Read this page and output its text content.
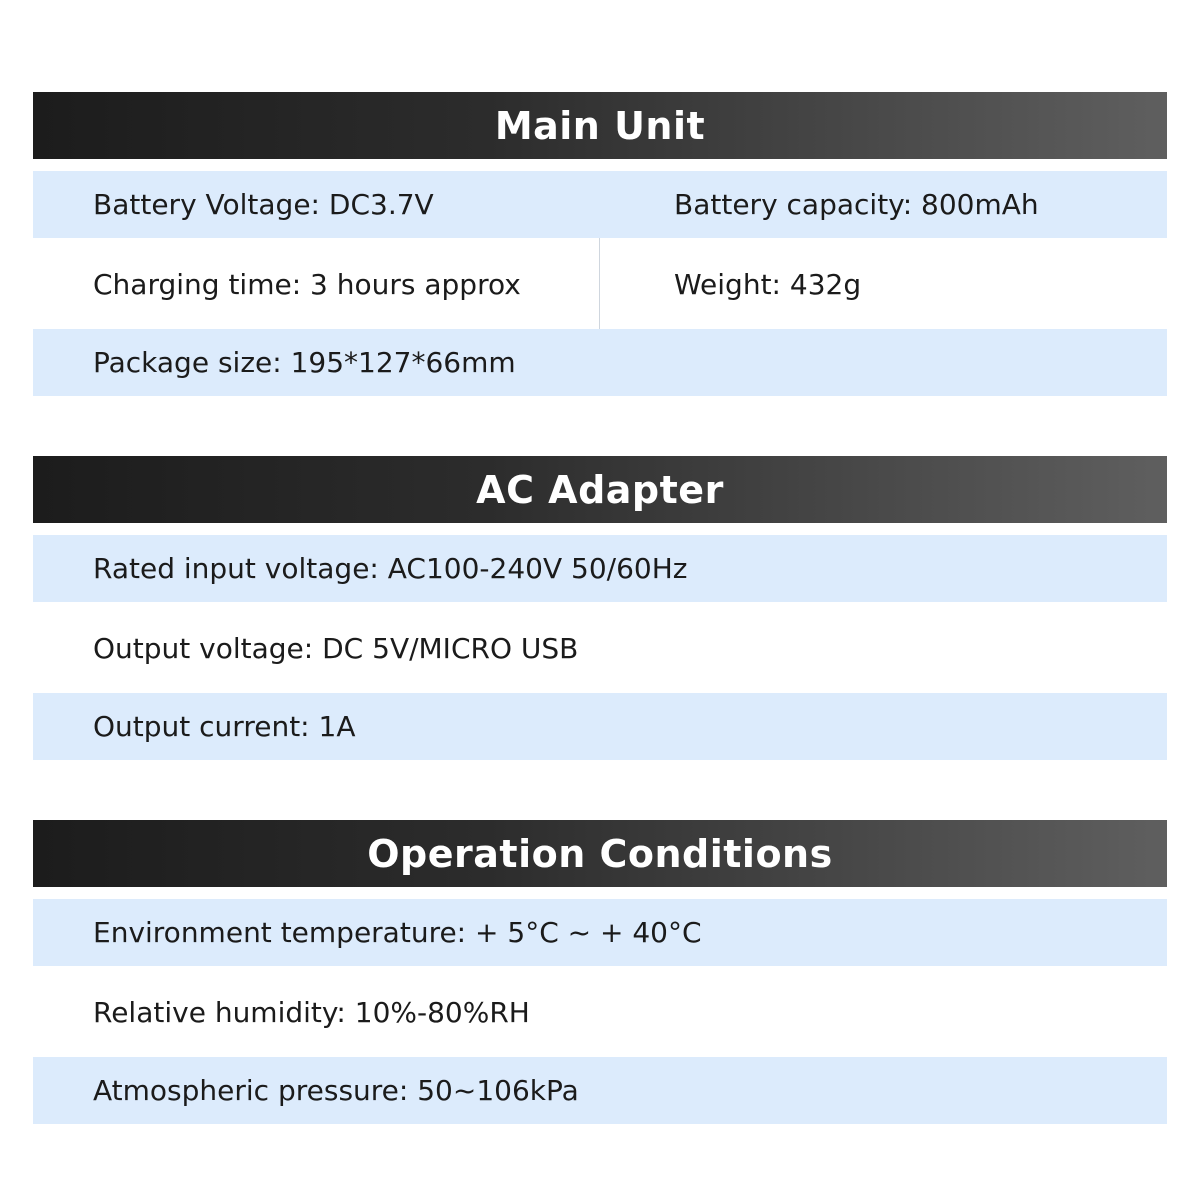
Main Unit
Battery Voltage: DC3.7V	Battery capacity: 800mAh
Charging time: 3 hours approx	Weight: 432g
Package size: 195*127*66mm
AC Adapter
Rated input voltage: AC100-240V 50/60Hz
Output voltage: DC 5V/MICRO USB
Output current: 1A
Operation Conditions
Environment temperature: + 5°C ~ + 40°C
Relative humidity: 10%-80%RH
Atmospheric pressure: 50~106kPa
